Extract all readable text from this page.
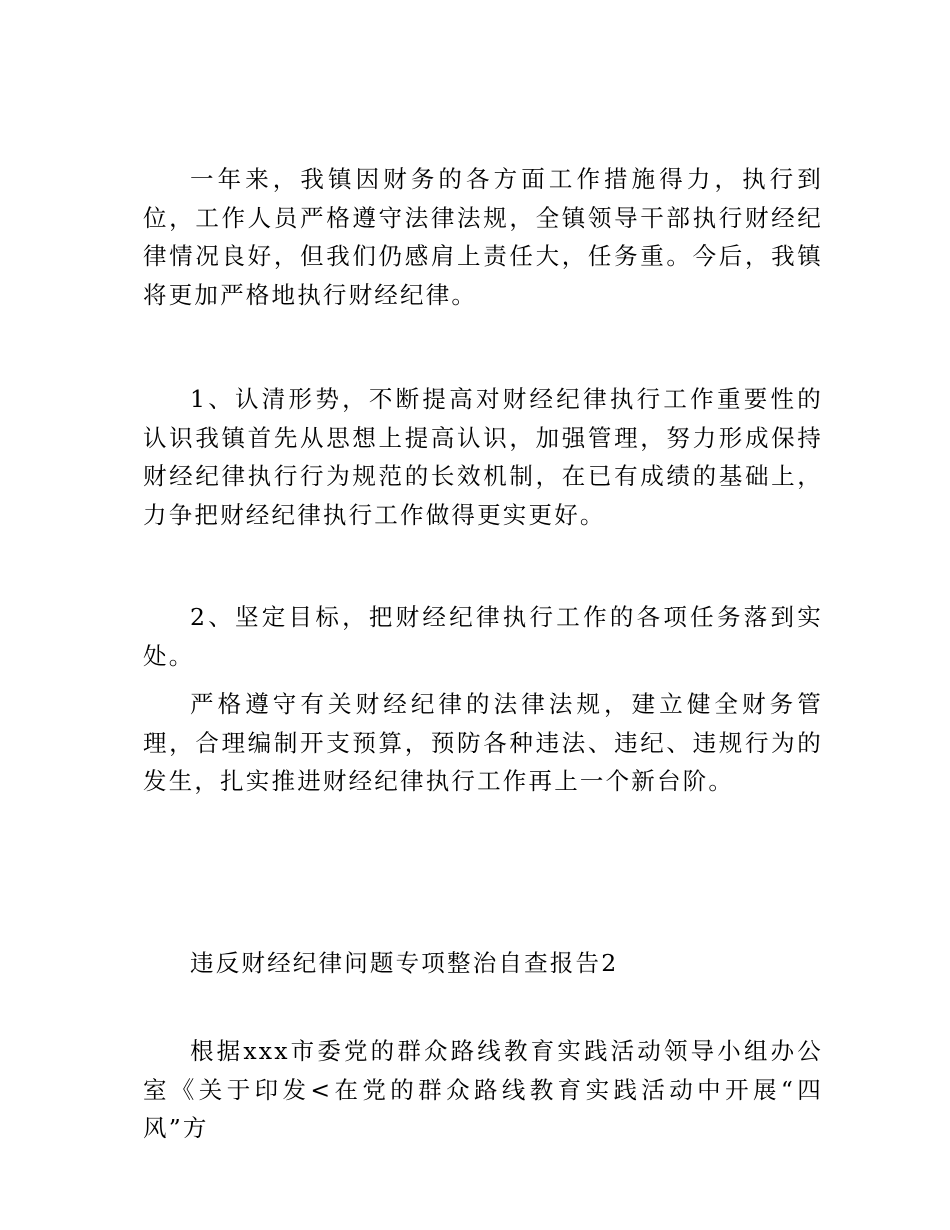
一年来，我镇因财务的各方面工作措施得力，执行到位，工作人员严格遵守法律法规，全镇领导干部执行财经纪律情况良好，但我们仍感肩上责任大，任务重。今后，我镇将更加严格地执行财经纪律。

1、认清形势，不断提高对财经纪律执行工作重要性的认识我镇首先从思想上提高认识，加强管理，努力形成保持财经纪律执行行为规范的长效机制，在已有成绩的基础上，力争把财经纪律执行工作做得更实更好。

2、坚定目标，把财经纪律执行工作的各项任务落到实处。

严格遵守有关财经纪律的法律法规，建立健全财务管理，合理编制开支预算，预防各种违法、违纪、违规行为的发生，扎实推进财经纪律执行工作再上一个新台阶。

违反财经纪律问题专项整治自查报告2

根据xxx市委党的群众路线教育实践活动领导小组办公室《关于印发<在党的群众路线教育实践活动中开展“四风”方
